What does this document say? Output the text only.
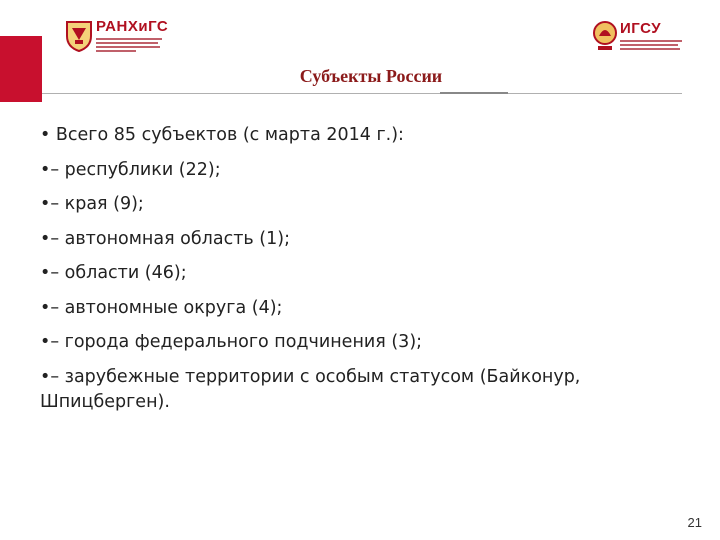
РАНХиГС	ИГСУ
Субъекты России

• Всего 85 субъектов (с марта 2014 г.):

•– республики (22);

•– края (9);

•– автономная область (1);

•– области (46);

•– автономные округа (4);

•– города федерального подчинения (3);

•– зарубежные территории с особым статусом (Байконур, Шпицберген).

21
